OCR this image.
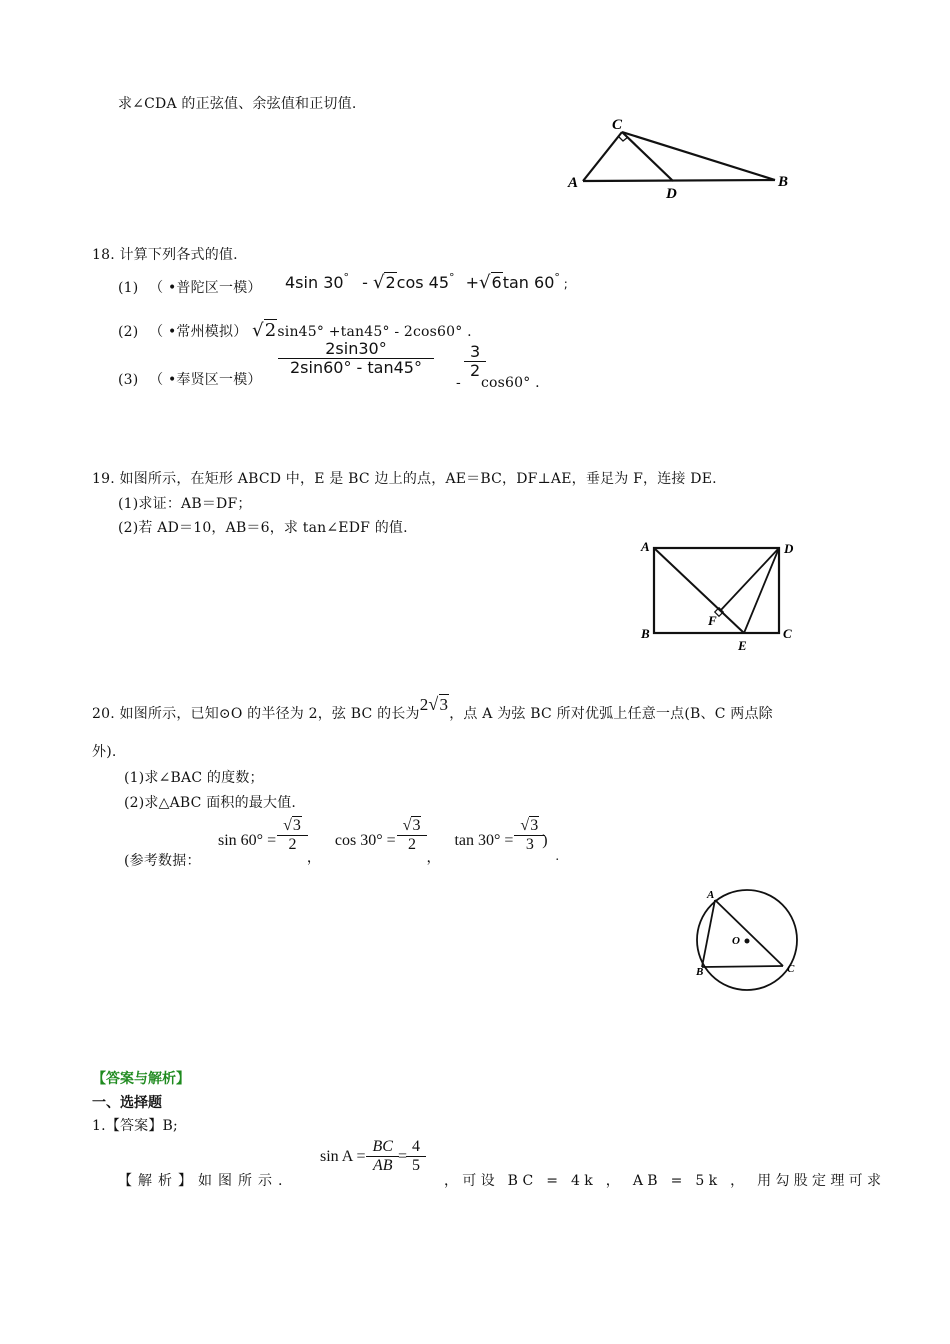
求∠CDA 的正弦值、余弦值和正切值.
C
A
D
B
18. 计算下列各式的值.
(1) （ •普陀区一模） 4sin 30° - √2cos 45° +√6tan 60° ;
(2) （ •常州模拟） √2sin45° +tan45° - 2cos60° .
(3) （ •奉贤区一模）
$\frac{2\sin 30^\circ}{2\sin 60^\circ - \tan 45^\circ}$
-
$\frac{3}{2}$
cos60° .
19. 如图所示，在矩形 ABCD 中，E 是 BC 边上的点，AE＝BC，DF⊥AE，垂足为 F，连接 DE.
(1)求证：AB＝DF；
(2)若 AD＝10，AB＝6，求 tan∠EDF 的值.
A	D
B	C
E
F
20. 如图所示，已知⊙O 的半径为 2，弦 BC 的长为2√3，点 A 为弦 BC 所对优弧上任意一点(B、C 两点除
外).
(1)求∠BAC 的度数；
(2)求△ABC 面积的最大值.
(参考数据：
$\sin 60^\circ = \frac{√3}{2}$
，
$\cos 30^\circ = \frac{√3}{2}$
，
$\tan 30^\circ = \frac{√3}{3}$ )
.
A
O
B	C
【答案与解析】
一、选择题
1.【答案】B;
【解析】如图所示.
$\sin A = \frac{BC}{AB} = \frac{4}{5}$
，可设 BC = 4k ， AB = 5k ， 用勾股定理可求
